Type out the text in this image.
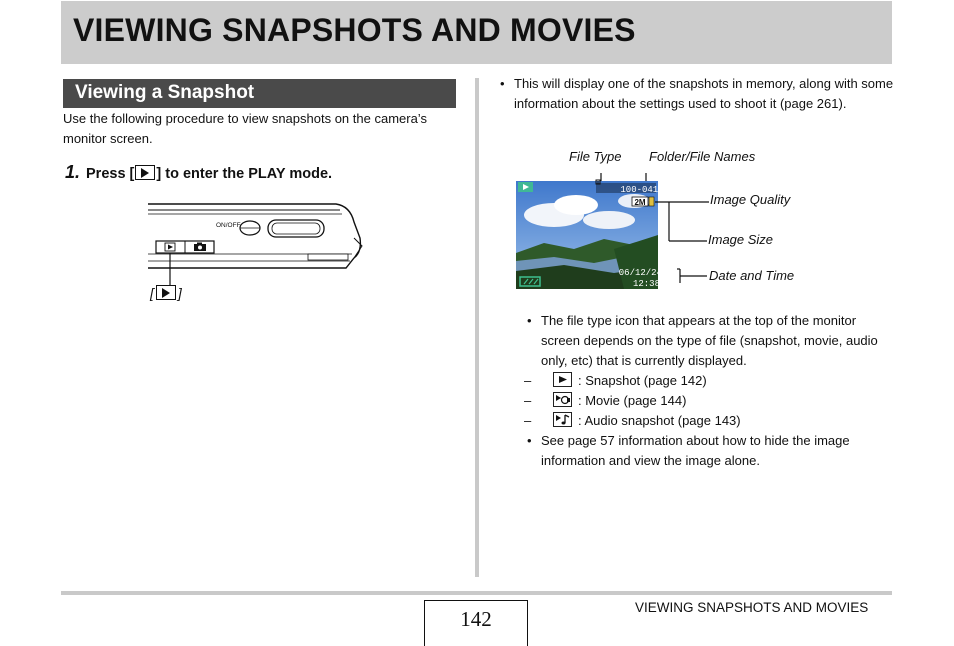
VIEWING SNAPSHOTS AND MOVIES
Viewing a Snapshot
Use the following procedure to view snapshots on the camera’s monitor screen.
1. Press [ ] to enter the PLAY mode.
ON/OFF
[ ]
• This will display one of the snapshots in memory, along with some information about the settings used to shoot it (page 261).
File Type Folder/File Names
Image Quality
Image Size
Date and Time
100-0414
2M
06/12/24
12:38
• The file type icon that appears at the top of the monitor screen depends on the type of file (snapshot, movie, audio only, etc) that is currently displayed.
–	: Snapshot (page 142)
–	: Movie (page 144)
–	: Audio snapshot (page 143)
• See page 57 information about how to hide the image information and view the image alone.
142	VIEWING SNAPSHOTS AND MOVIES
